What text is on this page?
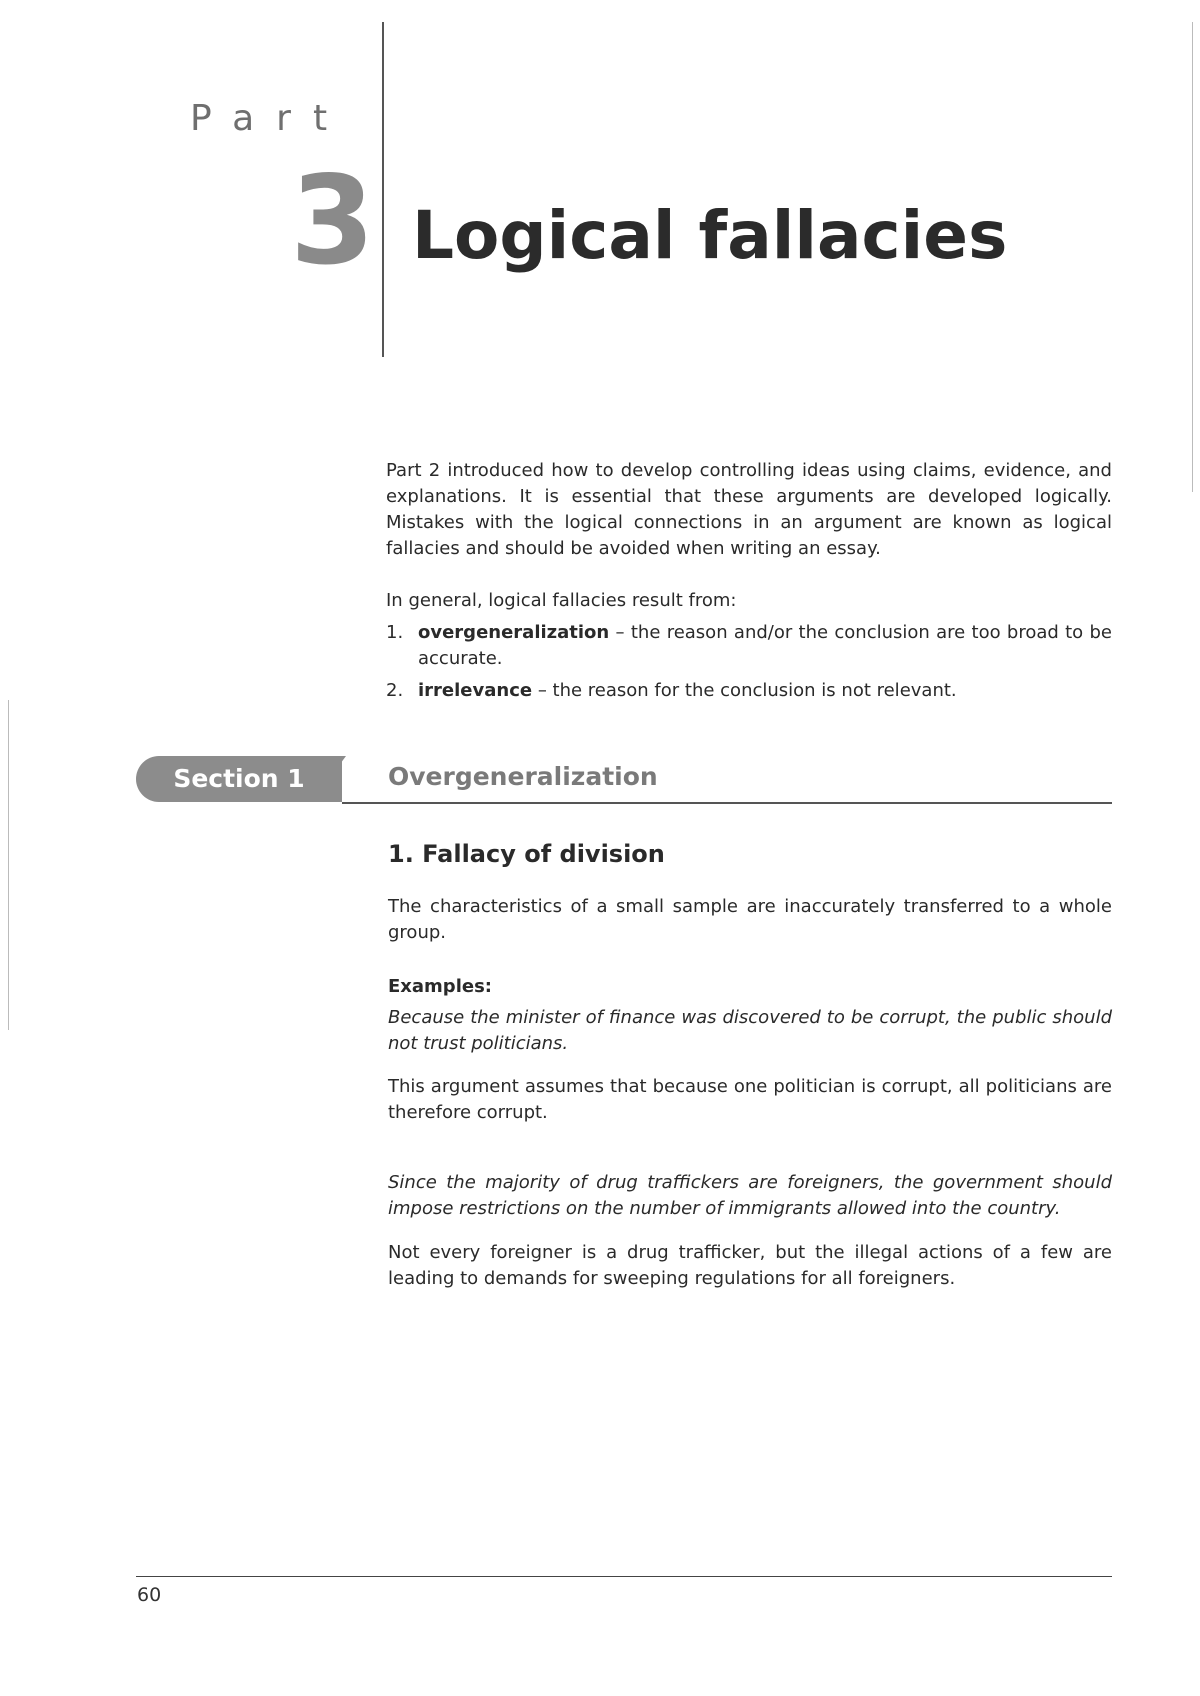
Part
3 Logical fallacies

Part 2 introduced how to develop controlling ideas using claims, evidence, and explanations. It is essential that these arguments are developed logically. Mistakes with the logical connections in an argument are known as logical fallacies and should be avoided when writing an essay.

In general, logical fallacies result from:

1. overgeneralization – the reason and/or the conclusion are too broad to be accurate.
2. irrelevance – the reason for the conclusion is not relevant.
Section 1	Overgeneralization
1. Fallacy of division

The characteristics of a small sample are inaccurately transferred to a whole group.

Examples:

Because the minister of finance was discovered to be corrupt, the public should not trust politicians.

This argument assumes that because one politician is corrupt, all politicians are therefore corrupt.

Since the majority of drug traffickers are foreigners, the government should impose restrictions on the number of immigrants allowed into the country.

Not every foreigner is a drug trafficker, but the illegal actions of a few are leading to demands for sweeping regulations for all foreigners.

60
